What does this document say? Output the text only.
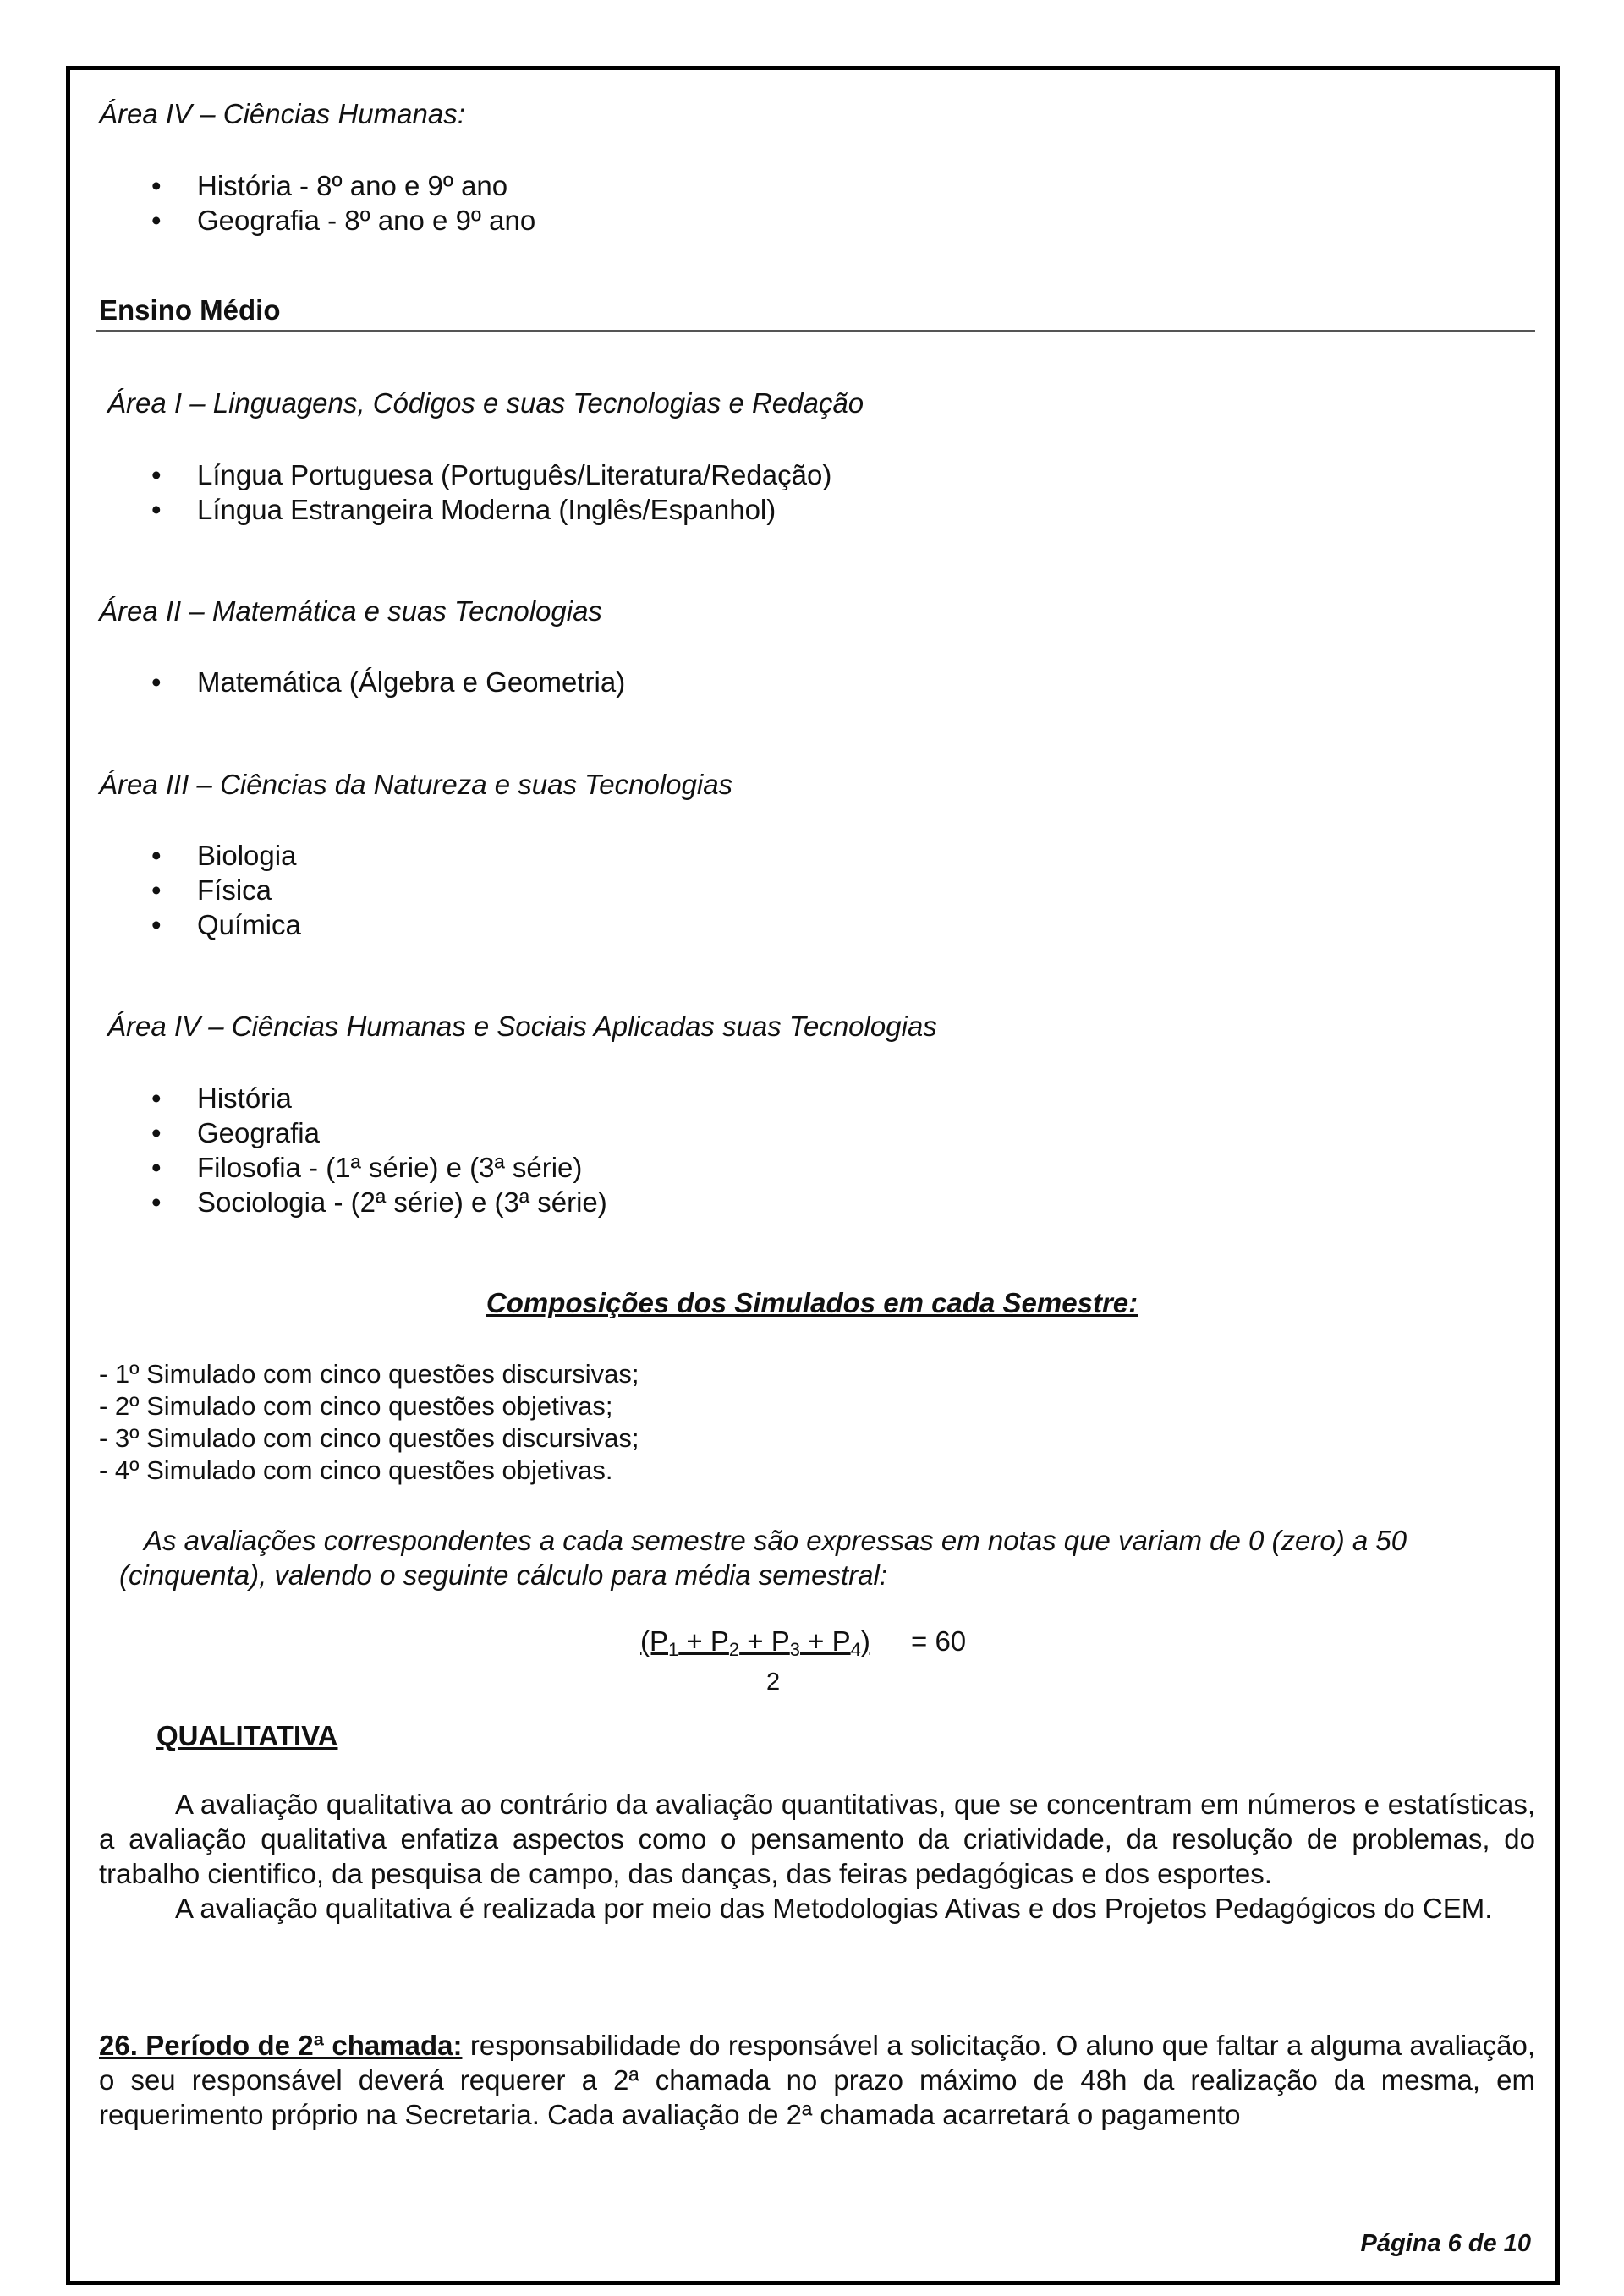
Área IV – Ciências Humanas:
• História - 8º ano e 9º ano
• Geografia - 8º ano e 9º ano
Ensino Médio
Área I – Linguagens, Códigos e suas Tecnologias e Redação
• Língua Portuguesa (Português/Literatura/Redação)
• Língua Estrangeira Moderna (Inglês/Espanhol)
Área II – Matemática e suas Tecnologias
• Matemática (Álgebra e Geometria)
Área III – Ciências da Natureza e suas Tecnologias
• Biologia
• Física
• Química
Área IV – Ciências Humanas e Sociais Aplicadas suas Tecnologias
• História
• Geografia
• Filosofia - (1ª série) e (3ª série)
• Sociologia - (2ª série) e (3ª série)
Composições dos Simulados em cada Semestre:
- 1º Simulado com cinco questões discursivas;
- 2º Simulado com cinco questões objetivas;
- 3º Simulado com cinco questões discursivas;
- 4º Simulado com cinco questões objetivas.
As avaliações correspondentes a cada semestre são expressas em notas que variam de 0 (zero) a 50
(cinquenta), valendo o seguinte cálculo para média semestral:
$(P_1 + P_2 + P_3 + P_4) = 60$
2
QUALITATIVA

A avaliação qualitativa ao contrário da avaliação quantitativas, que se concentram em números e estatísticas, a avaliação qualitativa enfatiza aspectos como o pensamento da criatividade, da resolução de problemas, do trabalho cientifico, da pesquisa de campo, das danças, das feiras pedagógicas e dos esportes.

A avaliação qualitativa é realizada por meio das Metodologias Ativas e dos Projetos Pedagógicos do CEM.

26. Período de 2ª chamada: responsabilidade do responsável a solicitação. O aluno que faltar a alguma avaliação, o seu responsável deverá requerer a 2ª chamada no prazo máximo de 48h da realização da mesma, em requerimento próprio na Secretaria. Cada avaliação de 2ª chamada acarretará o pagamento
Página 6 de 10
